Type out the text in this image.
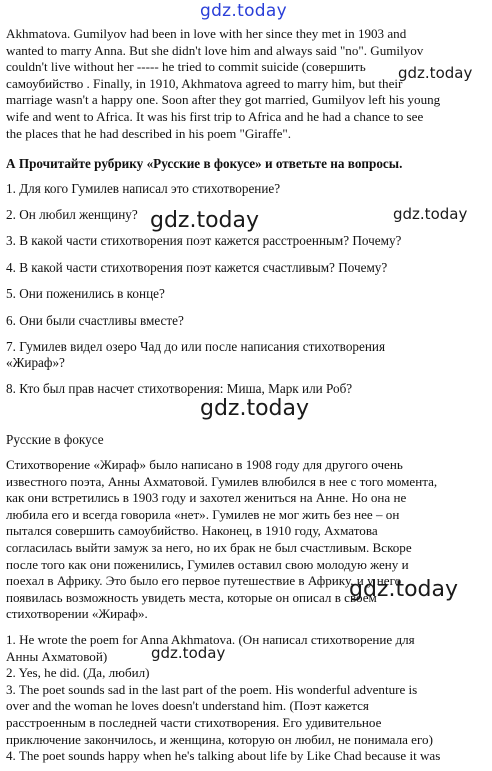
gdz.today
gdz.today
gdz.today	gdz.today
gdz.today
gdz.today
gdz.today
Akhmatova. Gumilyov had been in love with her since they met in 1903 and
wanted to marry Anna. But she didn't love him and always said "no". Gumilyov
couldn't live without her ----- he tried to commit suicide (совершить
самоубийство . Finally, in 1910, Akhmatova agreed to marry him, but their
marriage wasn't a happy one. Soon after they got married, Gumilyov left his young
wife and went to Africa. It was his first trip to Africa and he had a chance to see
the places that he had described in his poem "Giraffe".
А Прочитайте рубрику «Русские в фокусе» и ответьте на вопросы.
1. Для кого Гумилев написал это стихотворение?
2. Он любил женщину?
3. В какой части стихотворения поэт кажется расстроенным? Почему?
4. В какой части стихотворения поэт кажется счастливым? Почему?
5. Они поженились в конце?
6. Они были счастливы вместе?
7. Гумилев видел озеро Чад до или после написания стихотворения
«Жираф»?
8. Кто был прав насчет стихотворения: Миша, Марк или Роб?
Русские в фокусе
Стихотворение «Жираф» было написано в 1908 году для другого очень
известного поэта, Анны Ахматовой. Гумилев влюбился в нее с того момента,
как они встретились в 1903 году и захотел жениться на Анне. Но она не
любила его и всегда говорила «нет». Гумилев не мог жить без нее – он
пытался совершить самоубийство. Наконец, в 1910 году, Ахматова
согласилась выйти замуж за него, но их брак не был счастливым. Вскоре
после того как они поженились, Гумилев оставил свою молодую жену и
поехал в Африку. Это было его первое путешествие в Африку, и у него
появилась возможность увидеть места, которые он описал в своем
стихотворении «Жираф».
1. He wrote the poem for Anna Akhmatova. (Он написал стихотворение для
Анны Ахматовой)
2. Yes, he did. (Да, любил)
3. The poet sounds sad in the last part of the poem. His wonderful adventure is
over and the woman he loves doesn't understand him. (Поэт кажется
расстроенным в последней части стихотворения. Его удивительное
приключение закончилось, и женщина, которую он любил, не понимала его)
4. The poet sounds happy when he's talking about life by Like Chad because it was
